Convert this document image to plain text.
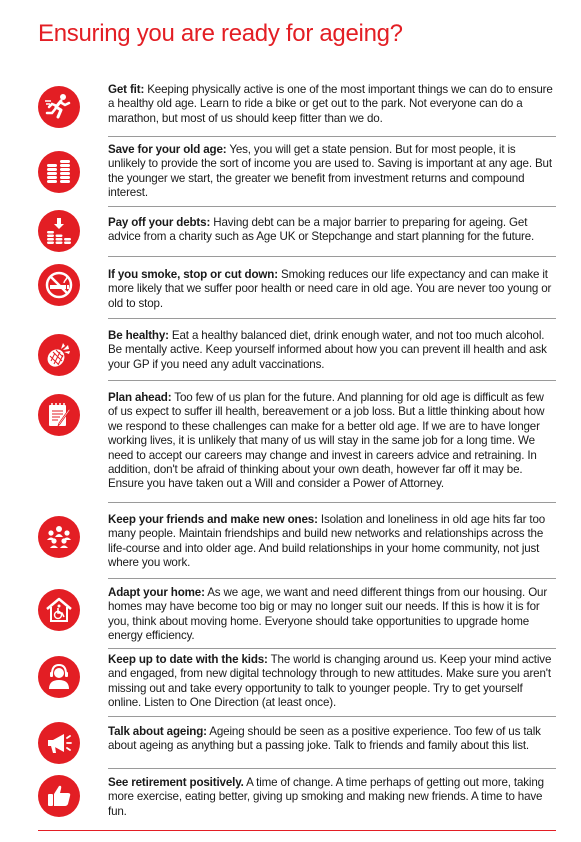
Ensuring you are ready for ageing?
Get fit: Keeping physically active is one of the most important things we can do to ensure a healthy old age. Learn to ride a bike or get out to the park. Not everyone can do a marathon, but most of us should keep fitter than we do.
Save for your old age: Yes, you will get a state pension. But for most people, it is unlikely to provide the sort of income you are used to. Saving is important at any age. But the younger we start, the greater we benefit from investment returns and compound interest.
Pay off your debts: Having debt can be a major barrier to preparing for ageing. Get advice from a charity such as Age UK or Stepchange and start planning for the future.
If you smoke, stop or cut down: Smoking reduces our life expectancy and can make it more likely that we suffer poor health or need care in old age. You are never too young or old to stop.
Be healthy: Eat a healthy balanced diet, drink enough water, and not too much alcohol. Be mentally active. Keep yourself informed about how you can prevent ill health and ask your GP if you need any adult vaccinations.
Plan ahead: Too few of us plan for the future. And planning for old age is difficult as few of us expect to suffer ill health, bereavement or a job loss. But a little thinking about how we respond to these challenges can make for a better old age. If we are to have longer working lives, it is unlikely that many of us will stay in the same job for a long time. We need to accept our careers may change and invest in careers advice and retraining. In addition, don't be afraid of thinking about your own death, however far off it may be. Ensure you have taken out a Will and consider a Power of Attorney.
Keep your friends and make new ones: Isolation and loneliness in old age hits far too many people. Maintain friendships and build new networks and relationships across the life-course and into older age. And build relationships in your home community, not just where you work.
Adapt your home: As we age, we want and need different things from our housing. Our homes may have become too big or may no longer suit our needs. If this is how it is for you, think about moving home. Everyone should take opportunities to upgrade home energy efficiency.
Keep up to date with the kids: The world is changing around us. Keep your mind active and engaged, from new digital technology through to new attitudes. Make sure you aren't missing out and take every opportunity to talk to younger people. Try to get yourself online. Listen to One Direction (at least once).
Talk about ageing: Ageing should be seen as a positive experience. Too few of us talk about ageing as anything but a passing joke. Talk to friends and family about this list.
See retirement positively. A time of change. A time perhaps of getting out more, taking more exercise, eating better, giving up smoking and making new friends. A time to have fun.
